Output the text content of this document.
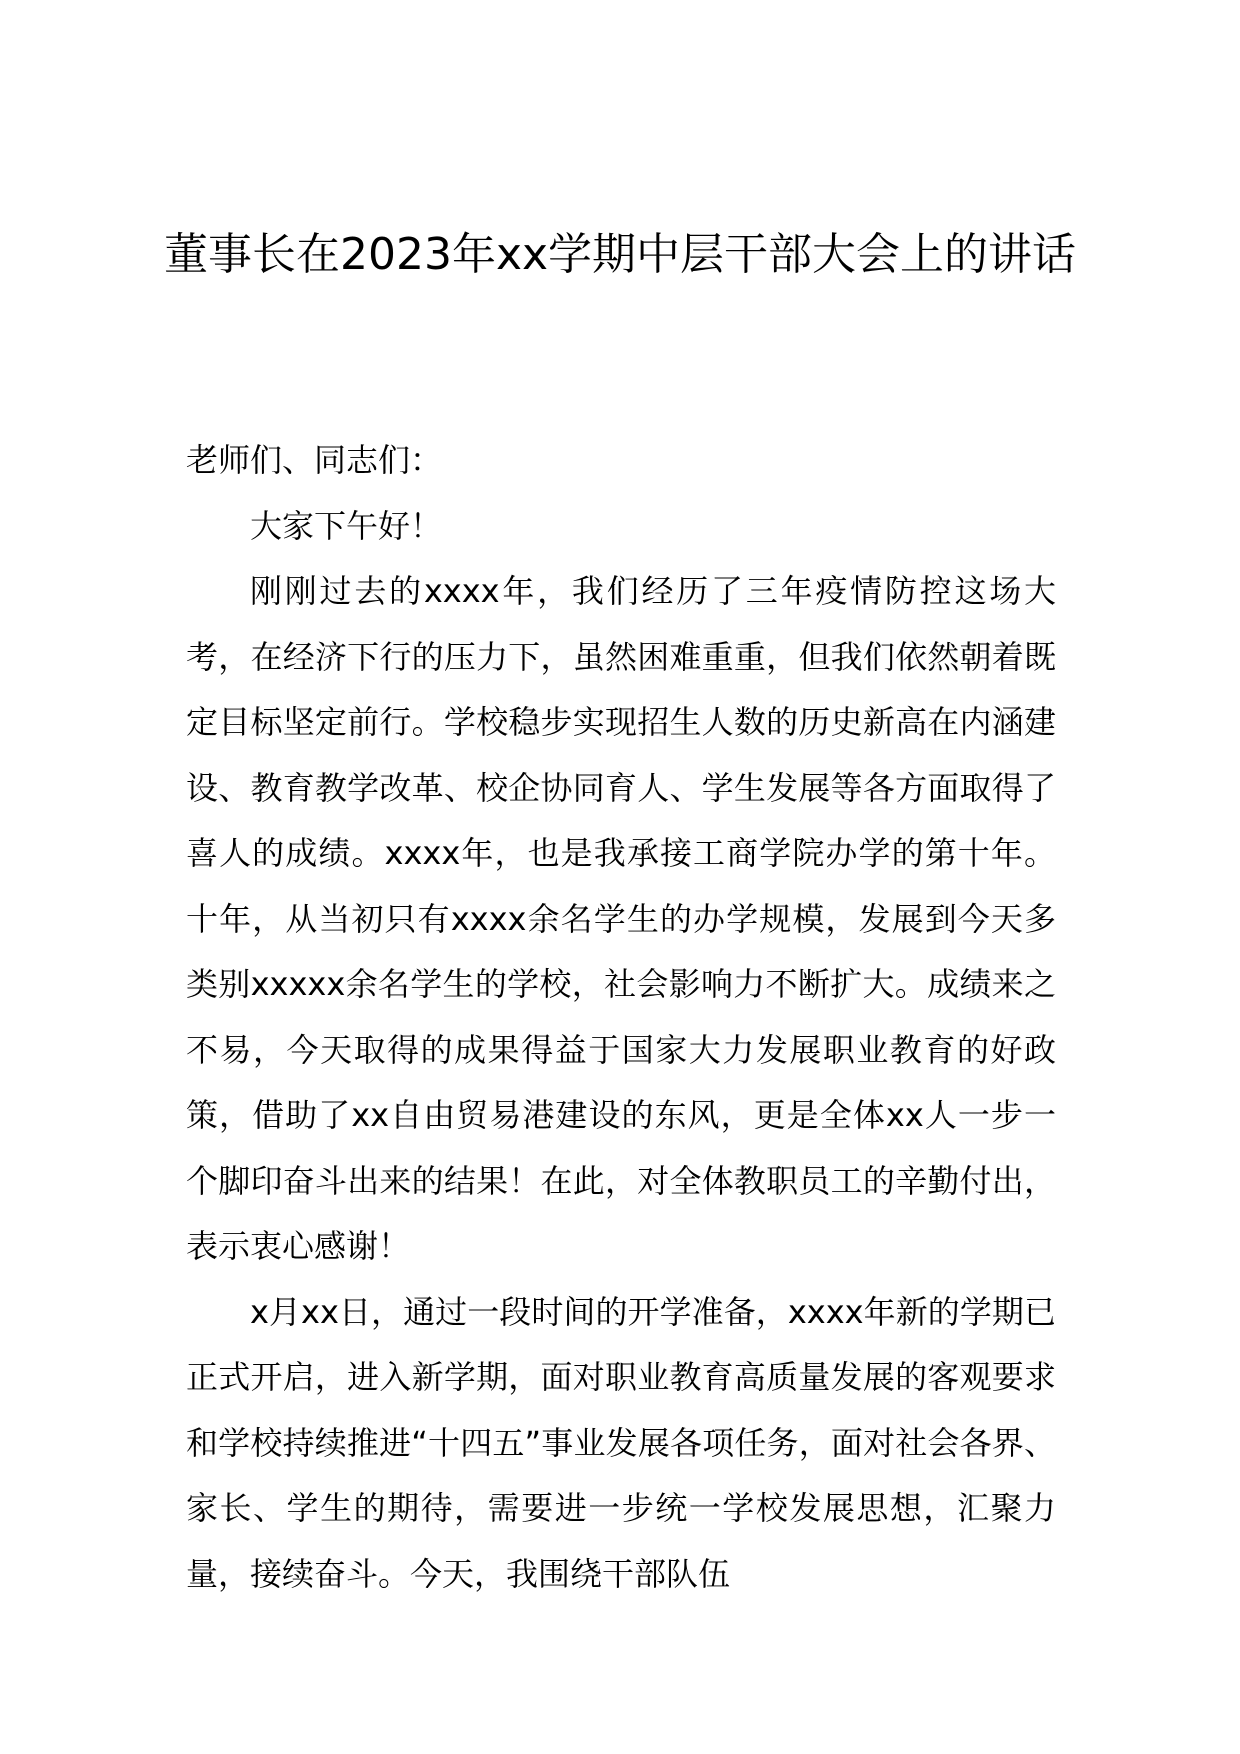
董事长在2023年xx学期中层干部大会上的讲话

老师们、同志们：

大家下午好！

刚刚过去的xxxx年，我们经历了三年疫情防控这场大考，在经济下行的压力下，虽然困难重重，但我们依然朝着既定目标坚定前行。学校稳步实现招生人数的历史新高在内涵建设、教育教学改革、校企协同育人、学生发展等各方面取得了喜人的成绩。xxxx年，也是我承接工商学院办学的第十年。十年，从当初只有xxxx余名学生的办学规模，发展到今天多类别xxxxx余名学生的学校，社会影响力不断扩大。成绩来之不易，今天取得的成果得益于国家大力发展职业教育的好政策，借助了xx自由贸易港建设的东风，更是全体xx人一步一个脚印奋斗出来的结果！在此，对全体教职员工的辛勤付出，表示衷心感谢！

x月xx日，通过一段时间的开学准备，xxxx年新的学期已正式开启，进入新学期，面对职业教育高质量发展的客观要求和学校持续推进“十四五”事业发展各项任务，面对社会各界、家长、学生的期待，需要进一步统一学校发展思想，汇聚力量，接续奋斗。今天，我围绕干部队伍
